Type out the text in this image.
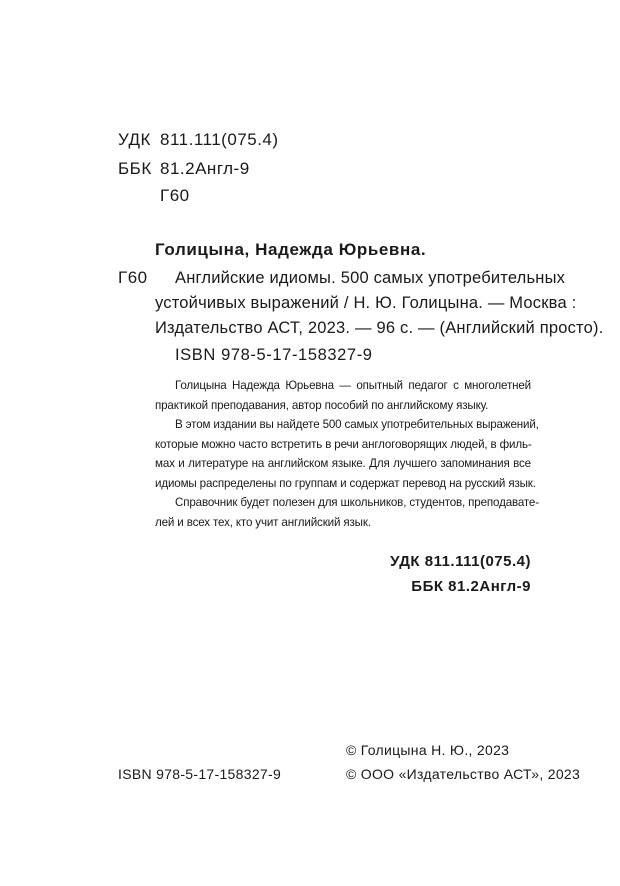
УДК 811.111(075.4)
ББК 81.2Англ-9
Г60
Голицына, Надежда Юрьевна.
Г60	Английские идиомы. 500 самых употребительных
устойчивых выражений / Н. Ю. Голицына. — Москва :
Издательство АСТ, 2023. — 96 с. — (Английский просто).
ISBN 978-5-17-158327-9
Голицына Надежда Юрьевна — опытный педагог с многолетней
практикой преподавания, автор пособий по английскому языку.
В этом издании вы найдете 500 самых употребительных выражений,
которые можно часто встретить в речи англоговорящих людей, в филь-
мах и литературе на английском языке. Для лучшего запоминания все
идиомы распределены по группам и содержат перевод на русский язык.
Справочник будет полезен для школьников, студентов, преподавате-
лей и всех тех, кто учит английский язык.
УДК 811.111(075.4)
ББК 81.2Англ-9
© Голицына Н. Ю., 2023
ISBN 978-5-17-158327-9	© ООО «Издательство АСТ», 2023
